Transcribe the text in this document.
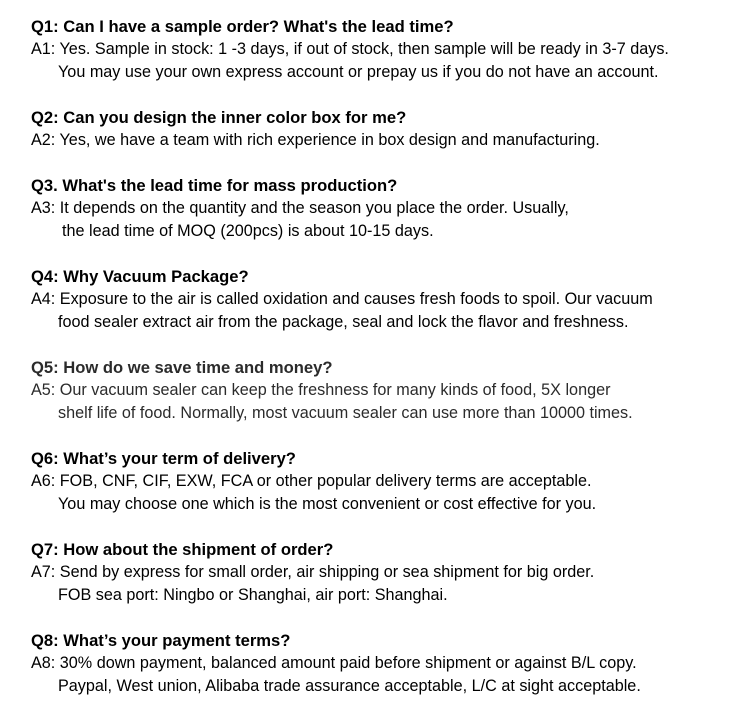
Q1: Can I have a sample order? What's the lead time?
A1: Yes. Sample in stock: 1 -3 days, if out of stock, then sample will be ready in 3-7 days.
You may use your own express account or prepay us if you do not have an account.
Q2: Can you design the inner color box for me?
A2: Yes, we have a team with rich experience in box design and manufacturing.
Q3. What's the lead time for mass production?
A3: It depends on the quantity and the season you place the order. Usually,
the lead time of MOQ (200pcs) is about 10-15 days.
Q4: Why Vacuum Package?
A4: Exposure to the air is called oxidation and causes fresh foods to spoil. Our vacuum
food sealer extract air from the package, seal and lock the flavor and freshness.
Q5: How do we save time and money?
A5: Our vacuum sealer can keep the freshness for many kinds of food, 5X longer
shelf life of food. Normally, most vacuum sealer can use more than 10000 times.
Q6: What’s your term of delivery?
A6: FOB, CNF, CIF, EXW, FCA or other popular delivery terms are acceptable.
You may choose one which is the most convenient or cost effective for you.
Q7: How about the shipment of order?
A7: Send by express for small order, air shipping or sea shipment for big order.
FOB sea port: Ningbo or Shanghai, air port: Shanghai.
Q8: What’s your payment terms?
A8: 30% down payment, balanced amount paid before shipment or against B/L copy.
Paypal, West union, Alibaba trade assurance acceptable, L/C at sight acceptable.
